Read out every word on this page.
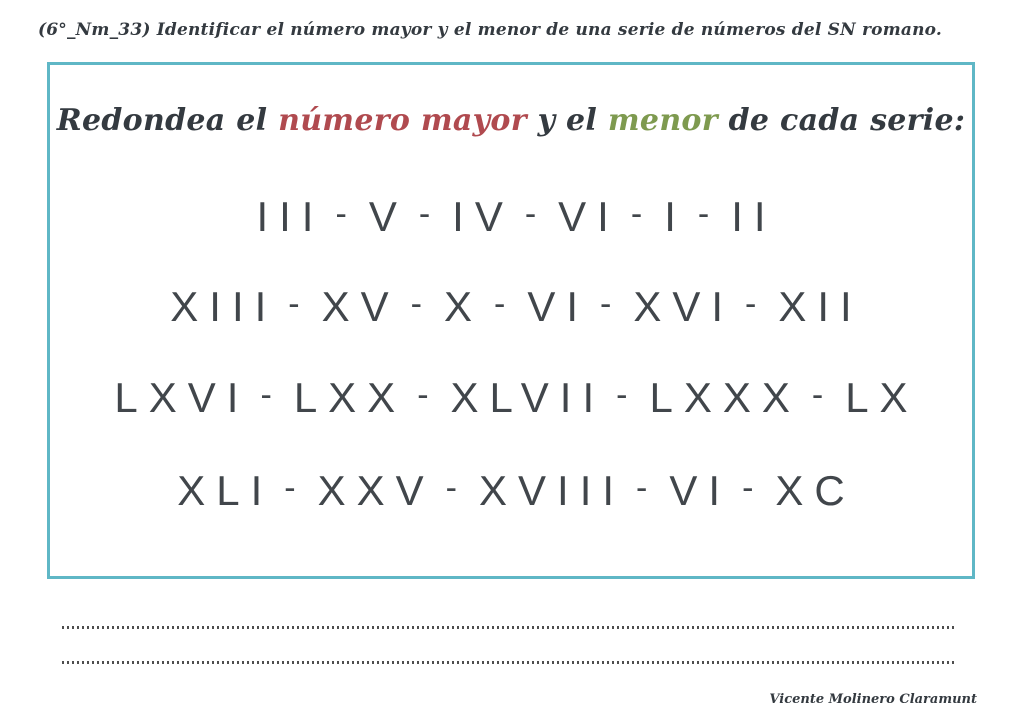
(6°_Nm_33) Identificar el número mayor y el menor de una serie de números del SN romano.
Redondea el número mayor y el menor de cada serie:
III - V - IV - VI - I - II
XIII - XV - X - VI - XVI - XII
LXVI - LXX - XLVII - LXXX - LX
XLI - XXV - XVIII - VI - XC
Vicente Molinero Claramunt
